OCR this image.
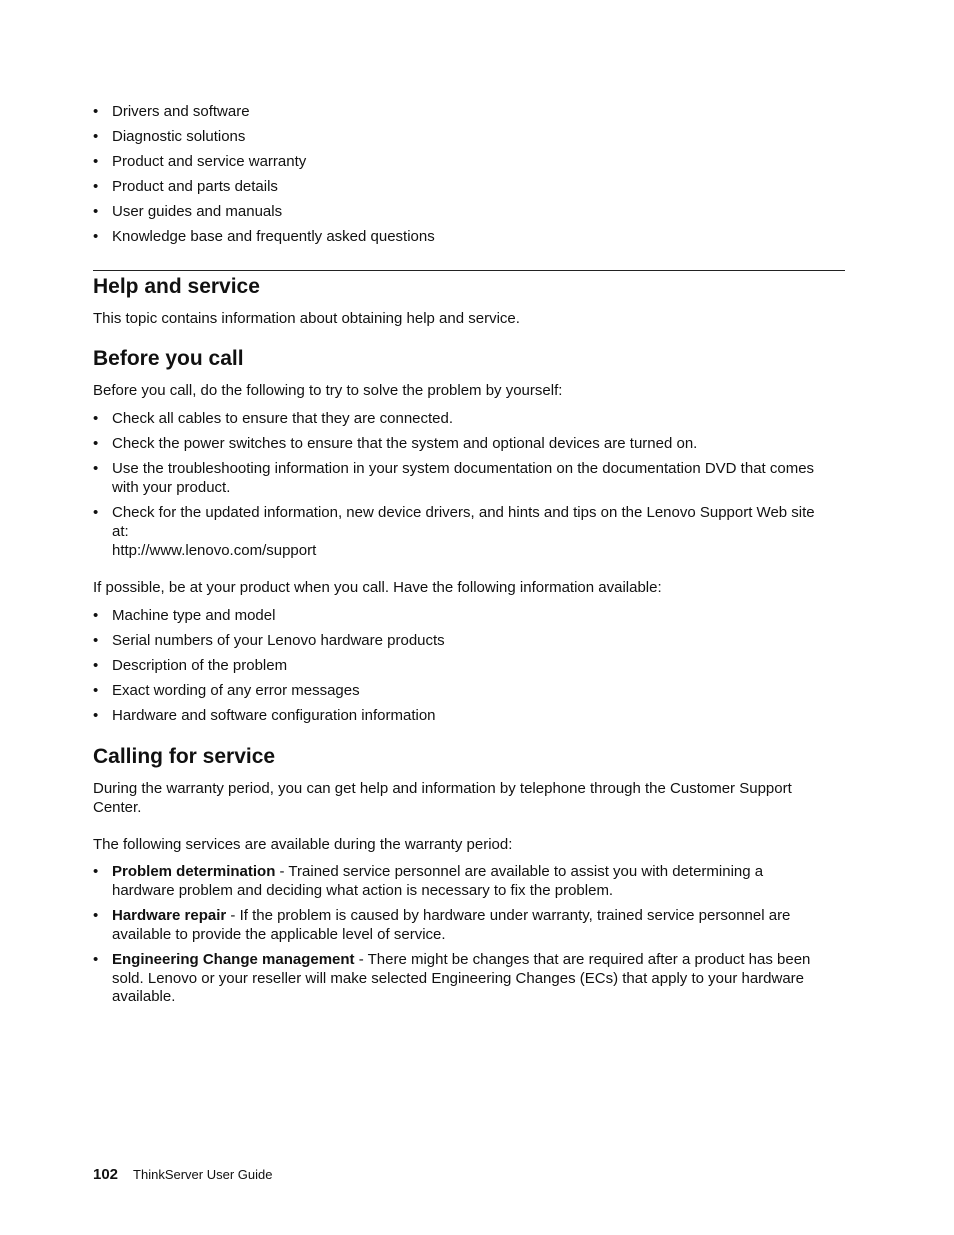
• Drivers and software
• Diagnostic solutions
• Product and service warranty
• Product and parts details
• User guides and manuals
• Knowledge base and frequently asked questions
Help and service

This topic contains information about obtaining help and service.

Before you call

Before you call, do the following to try to solve the problem by yourself:

• Check all cables to ensure that they are connected.
• Check the power switches to ensure that the system and optional devices are turned on.
• Use the troubleshooting information in your system documentation on the documentation DVD that comes with your product.
• Check for the updated information, new device drivers, and hints and tips on the Lenovo Support Web site at:
http://www.lenovo.com/support

If possible, be at your product when you call. Have the following information available:

• Machine type and model
• Serial numbers of your Lenovo hardware products
• Description of the problem
• Exact wording of any error messages
• Hardware and software configuration information
Calling for service

During the warranty period, you can get help and information by telephone through the Customer Support Center.

The following services are available during the warranty period:

• Problem determination - Trained service personnel are available to assist you with determining a hardware problem and deciding what action is necessary to fix the problem.
• Hardware repair - If the problem is caused by hardware under warranty, trained service personnel are available to provide the applicable level of service.
• Engineering Change management - There might be changes that are required after a product has been sold. Lenovo or your reseller will make selected Engineering Changes (ECs) that apply to your hardware available.
102 ThinkServer User Guide
